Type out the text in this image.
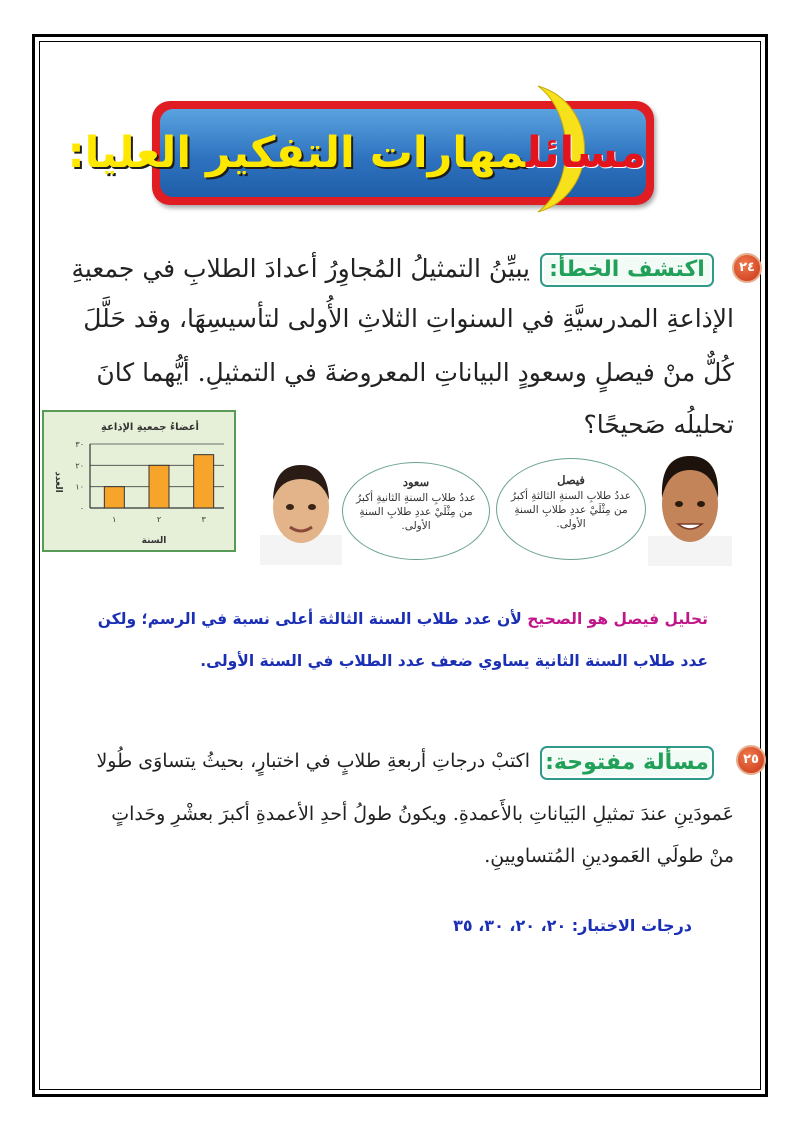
مسائلمهارات التفكير العليا:
٢٤
اكتشف الخطأ:
يبيِّنُ التمثيلُ المُجاوِرُ أعدادَ الطلابِ في جمعيةِ
الإذاعةِ المدرسيَّةِ في السنواتِ الثلاثِ الأُولى لتأسيسِهَا، وقد حَلَّلَ
كُلٌّ منْ فيصلٍ وسعودٍ البياناتِ المعروضةَ في التمثيلِ. أيُّهما كانَ
تحليلُه صَحيحًا؟
أعضاءُ جمعيةِ الإذاعةِ
١	٢	٣
٠
١٠
٢٠
٣٠
السنة
العدد	سعود
عددُ طلابِ السنةِ الثانيةِ أكبرُ
من مِثْلَيْ عددِ طلابِ السنةِ
الأولى.
فيصل
عددُ طلابِ السنةِ الثالثةِ أكبرُ
من مِثْلَيْ عددِ طلابِ السنةِ
الأولى.
تحليل فيصل هو الصحيح لأن عدد طلاب السنة الثالثة أعلى نسبة في الرسم؛ ولكن
عدد طلاب السنة الثانية يساوي ضعف عدد الطلاب في السنة الأولى.
٢٥
مسألة مفتوحة:
اكتبْ درجاتِ أربعةِ طلابٍ في اختبارٍ، بحيثُ يتساوَى طُولا
عَمودَينِ عندَ تمثيلِ البَياناتِ بالأَعمدةِ. ويكونُ طولُ أحدِ الأعمدةِ أكبرَ بعشْرِ وحَداتٍ
منْ طولَي العَمودينِ المُتساويينِ.
درجات الاختبار: ٢٠، ٢٠، ٣٠، ٣٥
